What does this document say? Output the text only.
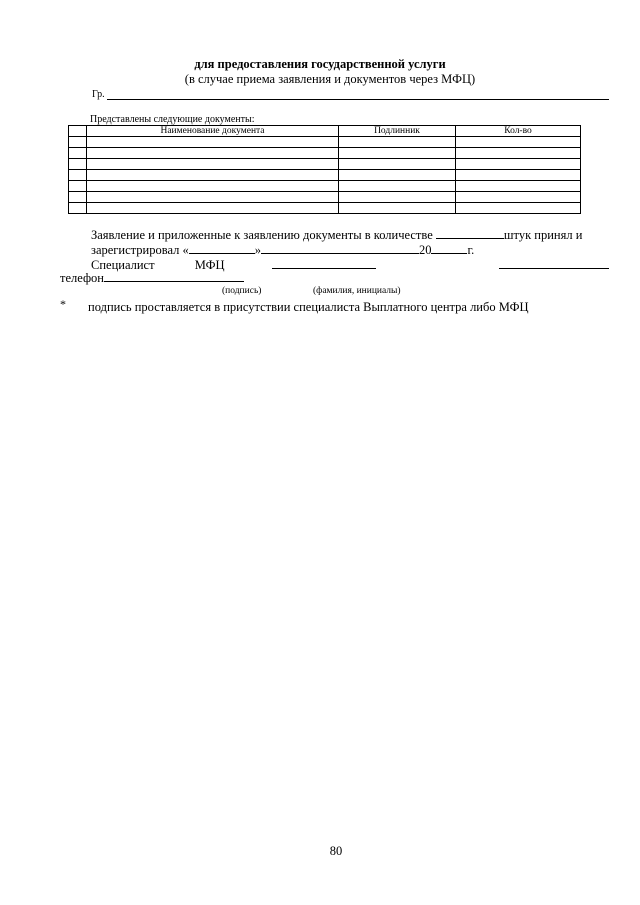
для предоставления государственной услуги
(в случае приема заявления и документов через МФЦ)
Гр.
Представлены следующие документы:
	Наименование документа	Подлинник	Кол-во

Заявление и приложенные к заявлению документы в количестве	штук принял и
зарегистрировал «	»	20	г.
Специалист	МФЦ
телефон
(подпись)	(фамилия, инициалы)
* подпись проставляется в присутствии специалиста Выплатного центра либо МФЦ
80
